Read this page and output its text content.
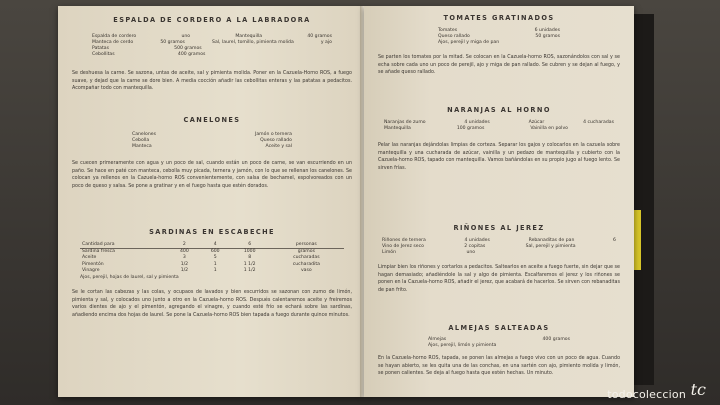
ESPALDA DE CORDERO A LA LABRADORA

Espalda de cordero	uno	Mantequilla	40 gramos
Manteca de cerdo	50 gramos	Sal, laurel, tomillo, pimienta molida	y ajo
Patatas	500 gramos
Cebollitas	400 gramos

Se deshuesa la carne. Se sazona, untas de aceite, sal y pimienta molida. Poner en la Cazuela-Horno ROS, a fuego suave, y dejad que la carne se dore bien. A media cocción añadir las cebollitas enteras y las patatas a pedacitos. Acompañar todo con mantequilla.

CANELONES

Canelones	Jamón o ternera
Cebolla	Queso rallado
Manteca	Aceite y sal

Se cuecen primeramente con agua y un poco de sal, cuando están un poco de carne, se van escurriendo en un paño. Se hace en paté con manteca, cebolla muy picada, ternera y jamón, con lo que se rellenan los canelones. Se colocan ya rellenos en la Cazuela-horno ROS convenientemente, con salsa de bechamel, espolvoreados con un poco de queso y salsa. Se pone a gratinar y en el fuego hasta que estén dorados.

SARDINAS EN ESCABECHE

Cantidad para	2	4	6	personas
Sardina fresca	400	600	1000	gramos
Aceite	3	5	8	cucharadas
Pimentón	1/2	1	1 1/2	cucharadita
Vinagre	1/2	1	1 1/2	vaso
Ajos, perejil, hojas de laurel, sal y pimienta

Se le cortan las cabezas y las colas, y ocupaos de lavados y bien escurridos se sazonan con zumo de limón, pimienta y sal, y colocados uno junto a otro en la Cazuela-horno ROS. Después calentaremos aceite y freiremos varios dientes de ajo y el pimentón, agregando el vinagre, y cuando esté frío se echará sobre las sardinas, añadiendo encima dos hojas de laurel. Se pone la Cazuela-horno ROS bien tapada a fuego durante quince minutos.

TOMATES GRATINADOS

Tomates	6 unidades
Queso rallado	50 gramos
Ajos, perejil y miga de pan

Se parten los tomates por la mitad. Se colocan en la Cazuela-horno ROS, sazonándolos con sal y se echa sobre cada uno un poco de perejil, ajo y miga de pan rallado. Se cubren y se dejan al fuego, y se añade queso rallado.

NARANJAS AL HORNO

Naranjas de zumo	4 unidades	Azúcar	4 cucharadas
Mantequilla	100 gramos	Vainilla en polvo

Pelar las naranjas dejándolas limpias de corteza. Separar los gajos y colocarlos en la cazuela sobre mantequilla y una cucharada de azúcar, vainilla y un pedazo de mantequilla y cubierto con la Cazuela-horno ROS, tapado con mantequilla. Vamos bañándolas en su propio jugo al fuego lento. Se sirven frías.

RIÑONES AL JEREZ

Riñones de ternera	4 unidades	Rebanaditas de pan	6
Vino de Jerez seco	2 copitas	Sal, perejil y pimienta
Limón	uno

Limpiar bien los riñones y cortarlos a pedacitos. Saltearlos en aceite a fuego fuerte, sin dejar que se hagan demasiado; añadiéndole la sal y algo de pimienta. Escalfaremos el jerez y los riñones se ponen en la Cazuela-horno ROS, añadir el jerez, que acabará de hacerlos. Se sirven con rebanaditas de pan frito.

ALMEJAS SALTEADAS

Almejas	400 gramos
Ajos, perejil, limón y pimienta

En la Cazuela-horno ROS, tapada, se ponen las almejas a fuego vivo con un poco de agua. Cuando se hayan abierto, se les quita una de las conchas, en una sartén con ajo, pimiento molida y limón, se ponen calientes. Se deja al fuego hasta que estén hechas. Un minuto.

todocoleccion tc
